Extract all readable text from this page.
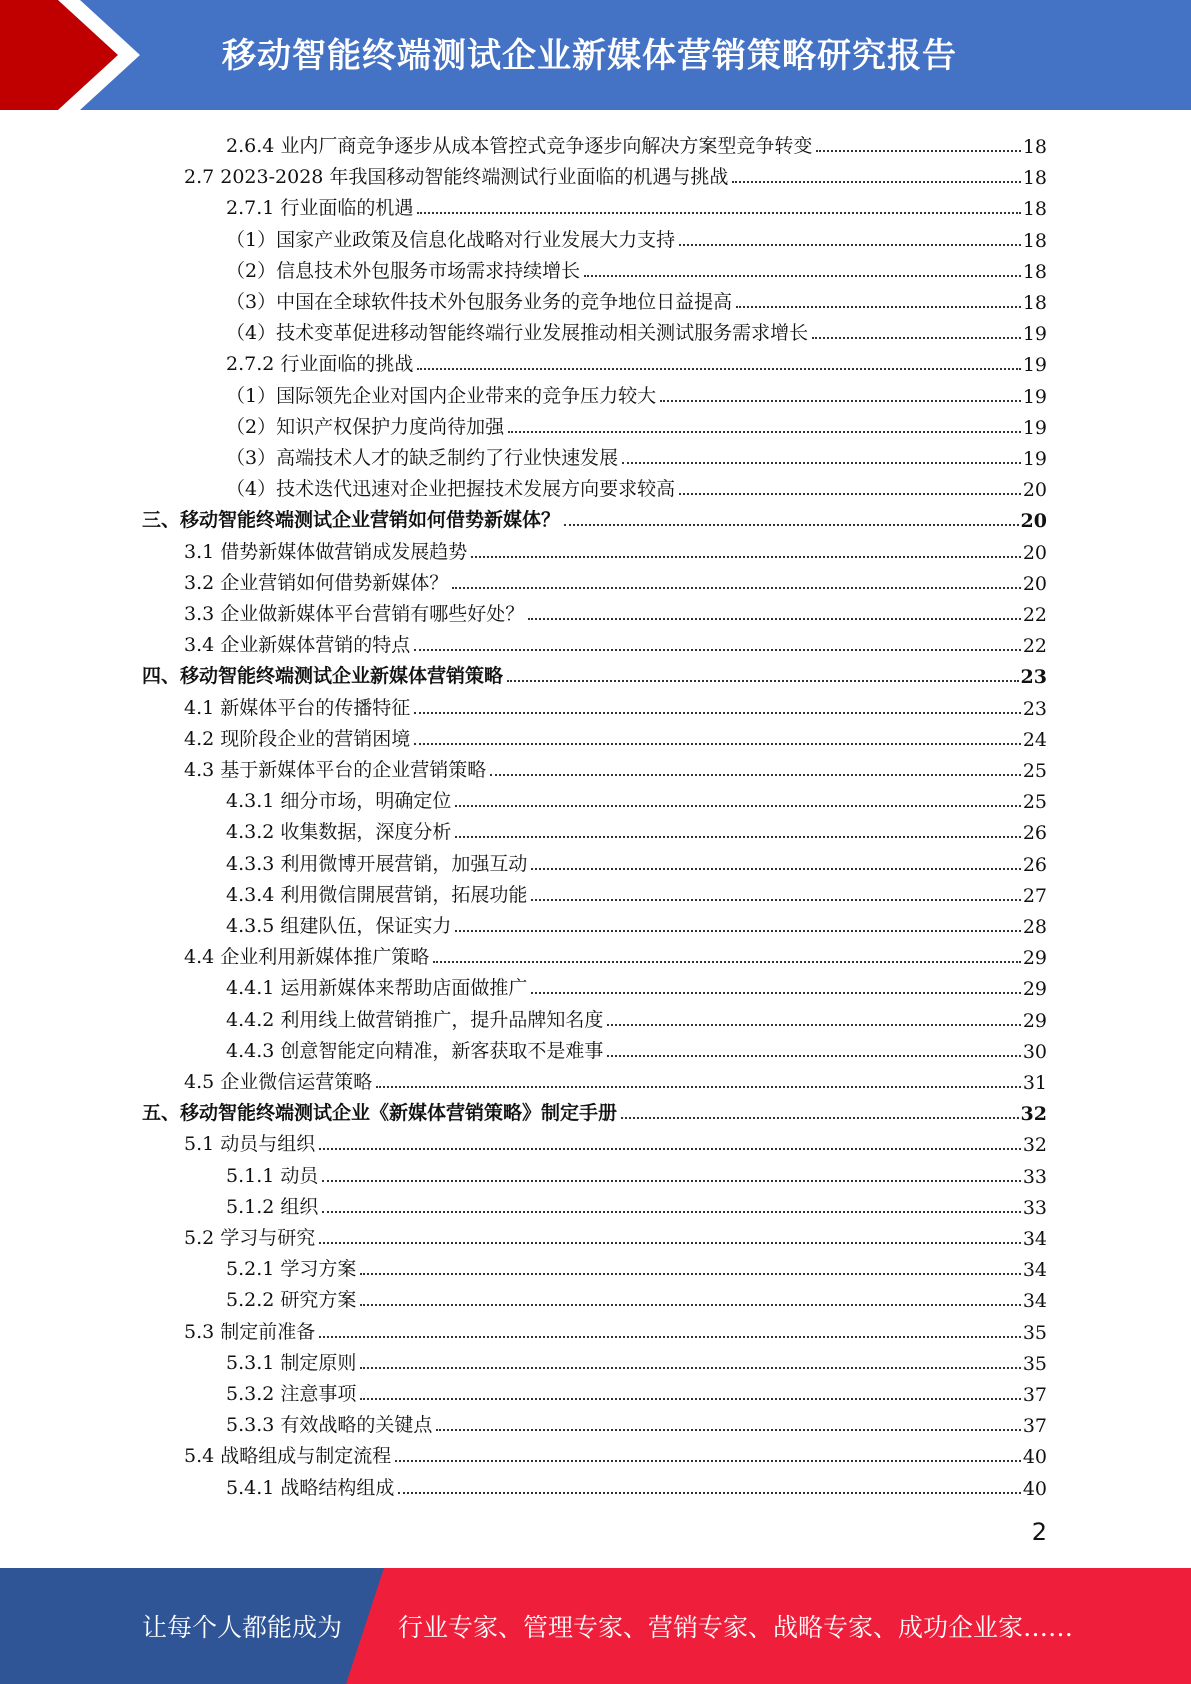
移动智能终端测试企业新媒体营销策略研究报告
2.6.4 业内厂商竞争逐步从成本管控式竞争逐步向解决方案型竞争转变	18
2.7 2023-2028 年我国移动智能终端测试行业面临的机遇与挑战	18
2.7.1 行业面临的机遇	18
（1）国家产业政策及信息化战略对行业发展大力支持	18
（2）信息技术外包服务市场需求持续增长	18
（3）中国在全球软件技术外包服务业务的竞争地位日益提高	18
（4）技术变革促进移动智能终端行业发展推动相关测试服务需求增长	19
2.7.2 行业面临的挑战	19
（1）国际领先企业对国内企业带来的竞争压力较大	19
（2）知识产权保护力度尚待加强	19
（3）高端技术人才的缺乏制约了行业快速发展	19
（4）技术迭代迅速对企业把握技术发展方向要求较高	20
三、移动智能终端测试企业营销如何借势新媒体？	20
3.1 借势新媒体做营销成发展趋势	20
3.2 企业营销如何借势新媒体？	20
3.3 企业做新媒体平台营销有哪些好处？	22
3.4 企业新媒体营销的特点	22
四、移动智能终端测试企业新媒体营销策略	23
4.1 新媒体平台的传播特征	23
4.2 现阶段企业的营销困境	24
4.3 基于新媒体平台的企业营销策略	25
4.3.1 细分市场，明确定位	25
4.3.2 收集数据，深度分析	26
4.3.3 利用微博开展营销，加强互动	26
4.3.4 利用微信開展营销，拓展功能	27
4.3.5 组建队伍，保证实力	28
4.4 企业利用新媒体推广策略	29
4.4.1 运用新媒体来帮助店面做推广	29
4.4.2 利用线上做营销推广，提升品牌知名度	29
4.4.3 创意智能定向精准，新客获取不是难事	30
4.5 企业微信运营策略	31
五、移动智能终端测试企业《新媒体营销策略》制定手册	32
5.1 动员与组织	32
5.1.1 动员	33
5.1.2 组织	33
5.2 学习与研究	34
5.2.1 学习方案	34
5.2.2 研究方案	34
5.3 制定前准备	35
5.3.1 制定原则	35
5.3.2 注意事项	37
5.3.3 有效战略的关键点	37
5.4 战略组成与制定流程	40
5.4.1 战略结构组成	40
2
让每个人都能成为 行业专家、管理专家、营销专家、战略专家、成功企业家……
